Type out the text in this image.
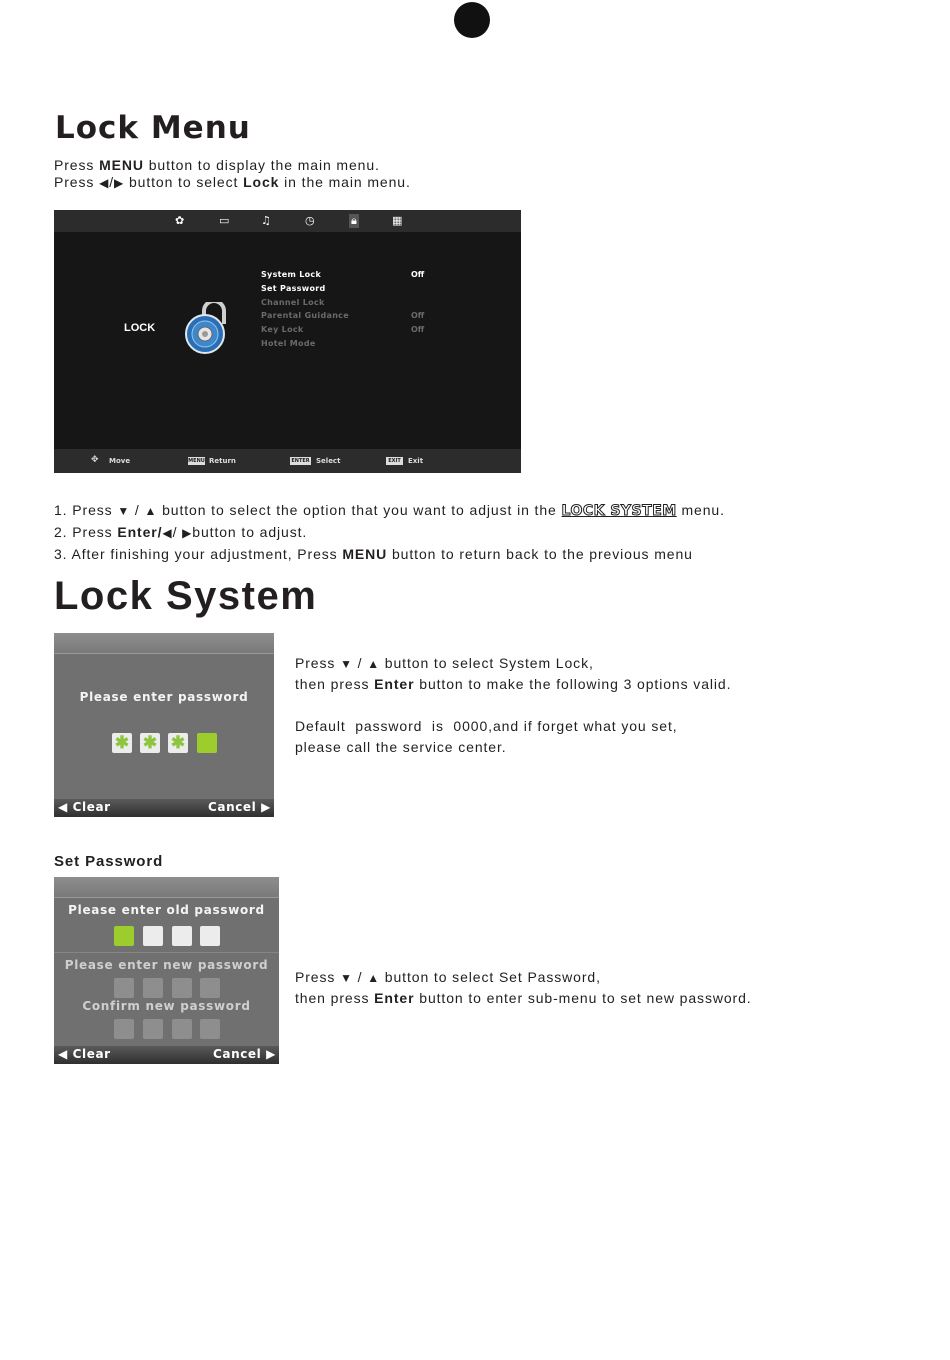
Lock Menu
Press MENU button to display the main menu.
Press ◀/▶ button to select Lock in the main menu.
✿	▭	♫	◷	🔒︎	▦
LOCK
System Lock	Off
Set Password
Channel Lock
Parental Guidance	Off
Key Lock	Off
Hotel Mode
✥ Move	MENU Return	ENTER Select	EXIT	Exit
1. Press ▼ / ▲ button to select the option that you want to adjust in the LOCK SYSTEM menu.
2. Press Enter/◀/ ▶button to adjust.
3. After finishing your adjustment, Press MENU button to return back to the previous menu
Lock System
Please enter password
✱ ✱ ✱
◀ Clear	Cancel ▶
Press ▼ / ▲ button to select System Lock,
then press Enter button to make the following 3 options valid.
Default  password  is  0000,and if forget what you set,
please call the service center.
Set Password
Please enter old password
Please enter new password
Confirm new password
◀ Clear	Cancel ▶
Press ▼ / ▲ button to select Set Password,
then press Enter button to enter sub-menu to set new password.
